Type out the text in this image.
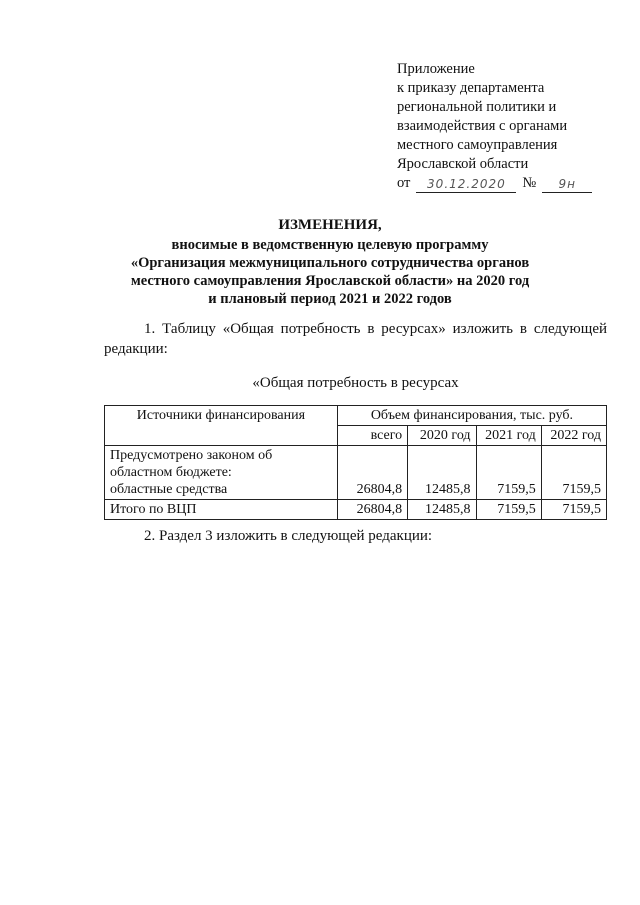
Приложение
к приказу департамента
региональной политики и
взаимодействия с органами
местного самоуправления
Ярославской области
от	30.12.2020	№	9н
ИЗМЕНЕНИЯ,
вносимые в ведомственную целевую программу
«Организация межмуниципального сотрудничества органов
местного самоуправления Ярославской области» на 2020 год
и плановый период 2021 и 2022 годов
1. Таблицу «Общая потребность в ресурсах» изложить в следующей
редакции:
«Общая потребность в ресурсах
Источники финансирования	Объем финансирования, тыс. руб.			
	всего	2020 год	2021 год	2022 год

Предусмотрено законом об
областном бюджете:
областные средства	26804,8	12485,8	7159,5	7159,5
Итого по ВЦП	26804,8	12485,8	7159,5	7159,5
2. Раздел 3 изложить в следующей редакции:
